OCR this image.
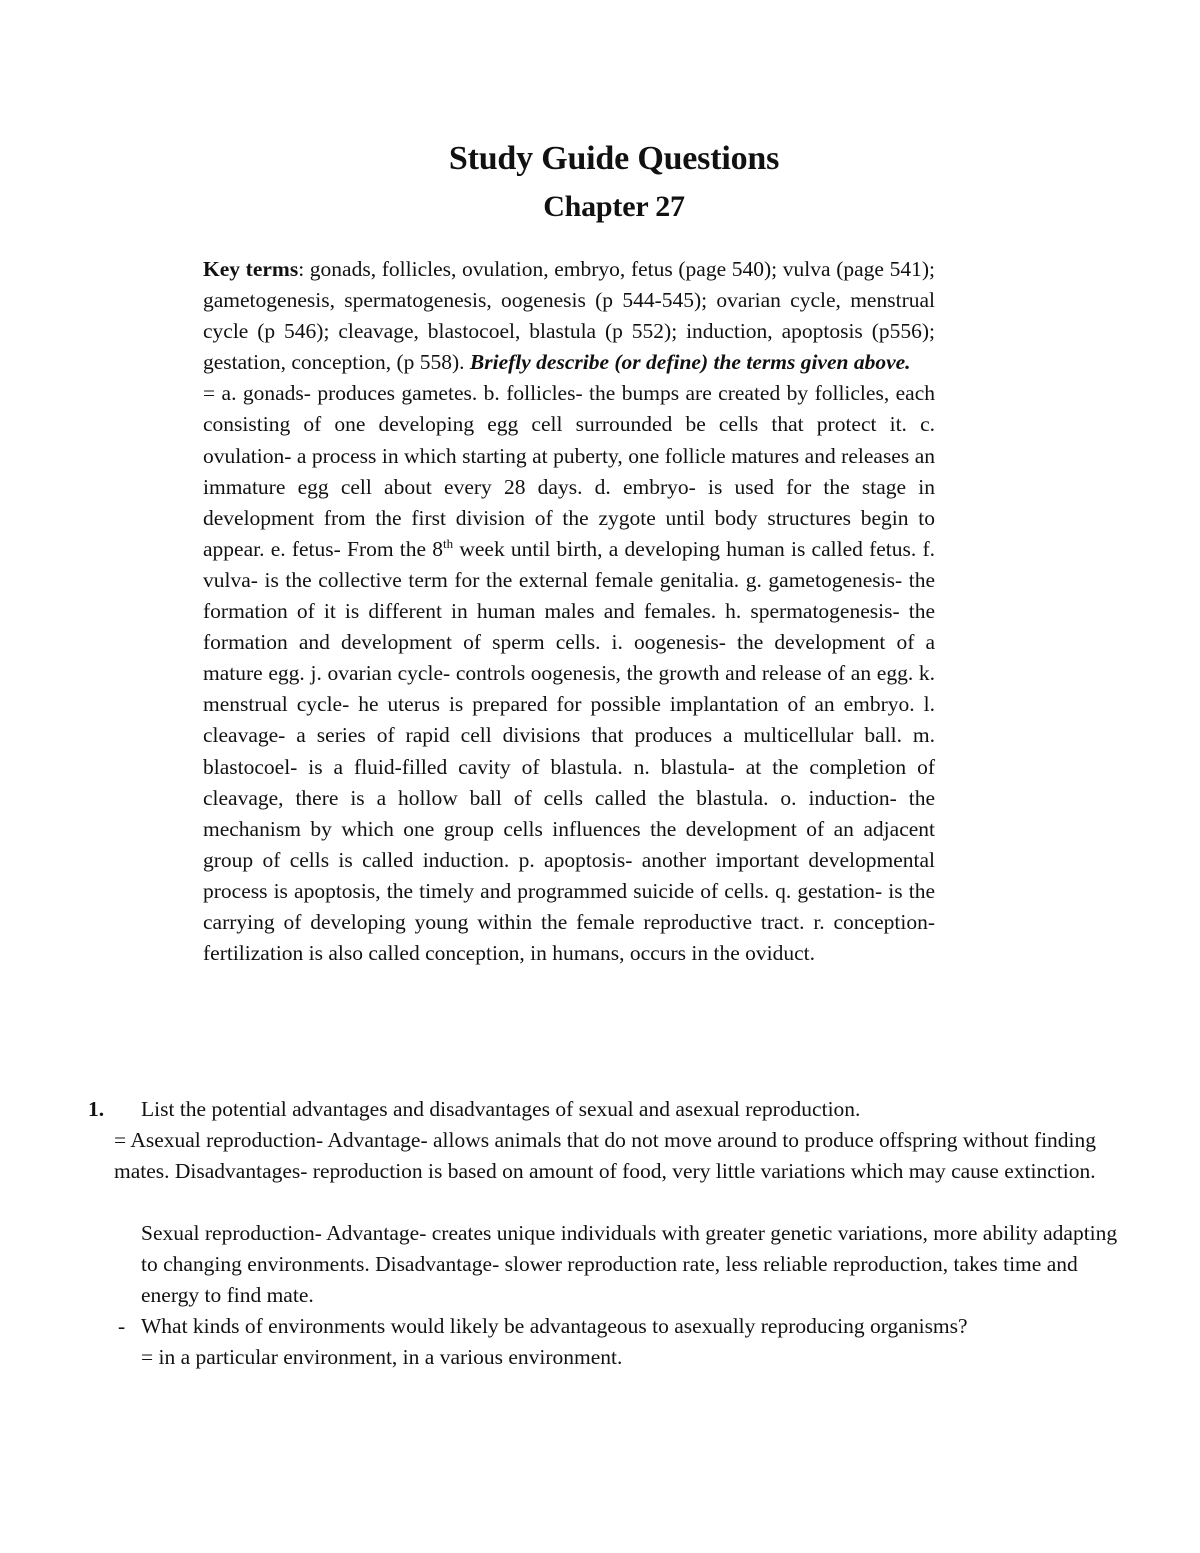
Study Guide Questions
Chapter 27

Key terms: gonads, follicles, ovulation, embryo, fetus (page 540); vulva (page 541); gametogenesis, spermatogenesis, oogenesis (p 544-545); ovarian cycle, menstrual cycle (p 546); cleavage, blastocoel, blastula (p 552); induction, apoptosis (p556); gestation, conception, (p 558). Briefly describe (or define) the terms given above.
= a. gonads- produces gametes. b. follicles- the bumps are created by follicles, each consisting of one developing egg cell surrounded be cells that protect it. c. ovulation- a process in which starting at puberty, one follicle matures and releases an immature egg cell about every 28 days. d. embryo- is used for the stage in development from the first division of the zygote until body structures begin to appear. e. fetus- From the 8th week until birth, a developing human is called fetus. f. vulva- is the collective term for the external female genitalia. g. gametogenesis- the formation of it is different in human males and females. h. spermatogenesis- the formation and development of sperm cells. i. oogenesis- the development of a mature egg. j. ovarian cycle- controls oogenesis, the growth and release of an egg. k. menstrual cycle- he uterus is prepared for possible implantation of an embryo. l. cleavage- a series of rapid cell divisions that produces a multicellular ball. m. blastocoel- is a fluid-filled cavity of blastula. n. blastula- at the completion of cleavage, there is a hollow ball of cells called the blastula. o. induction- the mechanism by which one group cells influences the development of an adjacent group of cells is called induction. p. apoptosis- another important developmental process is apoptosis, the timely and programmed suicide of cells. q. gestation- is the carrying of developing young within the female reproductive tract. r. conception- fertilization is also called conception, in humans, occurs in the oviduct.

1. List the potential advantages and disadvantages of sexual and asexual reproduction.

= Asexual reproduction- Advantage- allows animals that do not move around to produce offspring without finding mates. Disadvantages- reproduction is based on amount of food, very little variations which may cause extinction.

Sexual reproduction- Advantage- creates unique individuals with greater genetic variations, more ability adapting to changing environments. Disadvantage- slower reproduction rate, less reliable reproduction, takes time and energy to find mate.

- What kinds of environments would likely be advantageous to asexually reproducing organisms?
= in a particular environment, in a various environment.
